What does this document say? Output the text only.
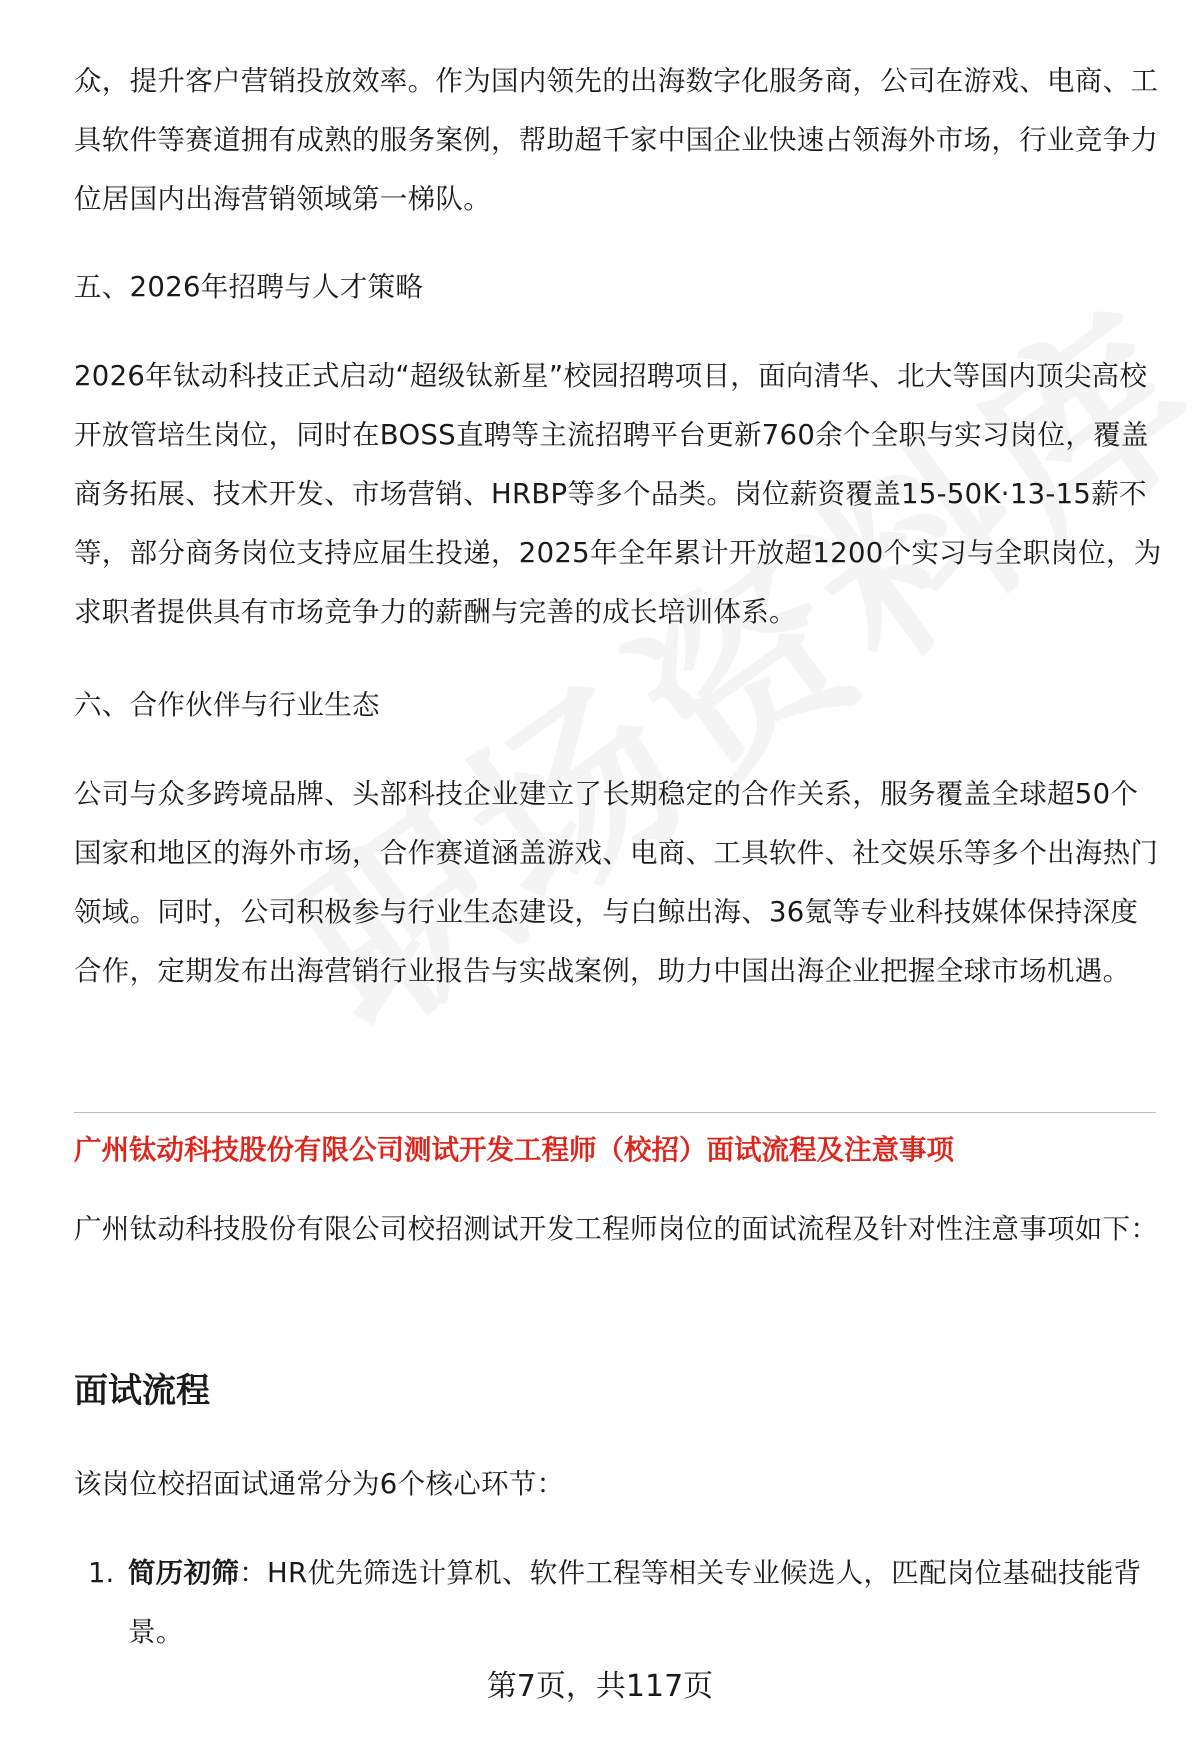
众，提升客户营销投放效率。作为国内领先的出海数字化服务商，公司在游戏、电商、工具软件等赛道拥有成熟的服务案例，帮助超千家中国企业快速占领海外市场，行业竞争力位居国内出海营销领域第一梯队。

五、2026年招聘与人才策略

2026年钛动科技正式启动“超级钛新星”校园招聘项目，面向清华、北大等国内顶尖高校开放管培生岗位，同时在BOSS直聘等主流招聘平台更新760余个全职与实习岗位，覆盖商务拓展、技术开发、市场营销、HRBP等多个品类。岗位薪资覆盖15-50K·13-15薪不等，部分商务岗位支持应届生投递，2025年全年累计开放超1200个实习与全职岗位，为求职者提供具有市场竞争力的薪酬与完善的成长培训体系。

六、合作伙伴与行业生态

公司与众多跨境品牌、头部科技企业建立了长期稳定的合作关系，服务覆盖全球超50个国家和地区的海外市场，合作赛道涵盖游戏、电商、工具软件、社交娱乐等多个出海热门领域。同时，公司积极参与行业生态建设，与白鲸出海、36氪等专业科技媒体保持深度合作，定期发布出海营销行业报告与实战案例，助力中国出海企业把握全球市场机遇。

广州钛动科技股份有限公司测试开发工程师（校招）面试流程及注意事项

广州钛动科技股份有限公司校招测试开发工程师岗位的面试流程及针对性注意事项如下：

面试流程

该岗位校招面试通常分为6个核心环节：

1. 简历初筛：HR优先筛选计算机、软件工程等相关专业候选人，匹配岗位基础技能背景。

第7页，共117页
